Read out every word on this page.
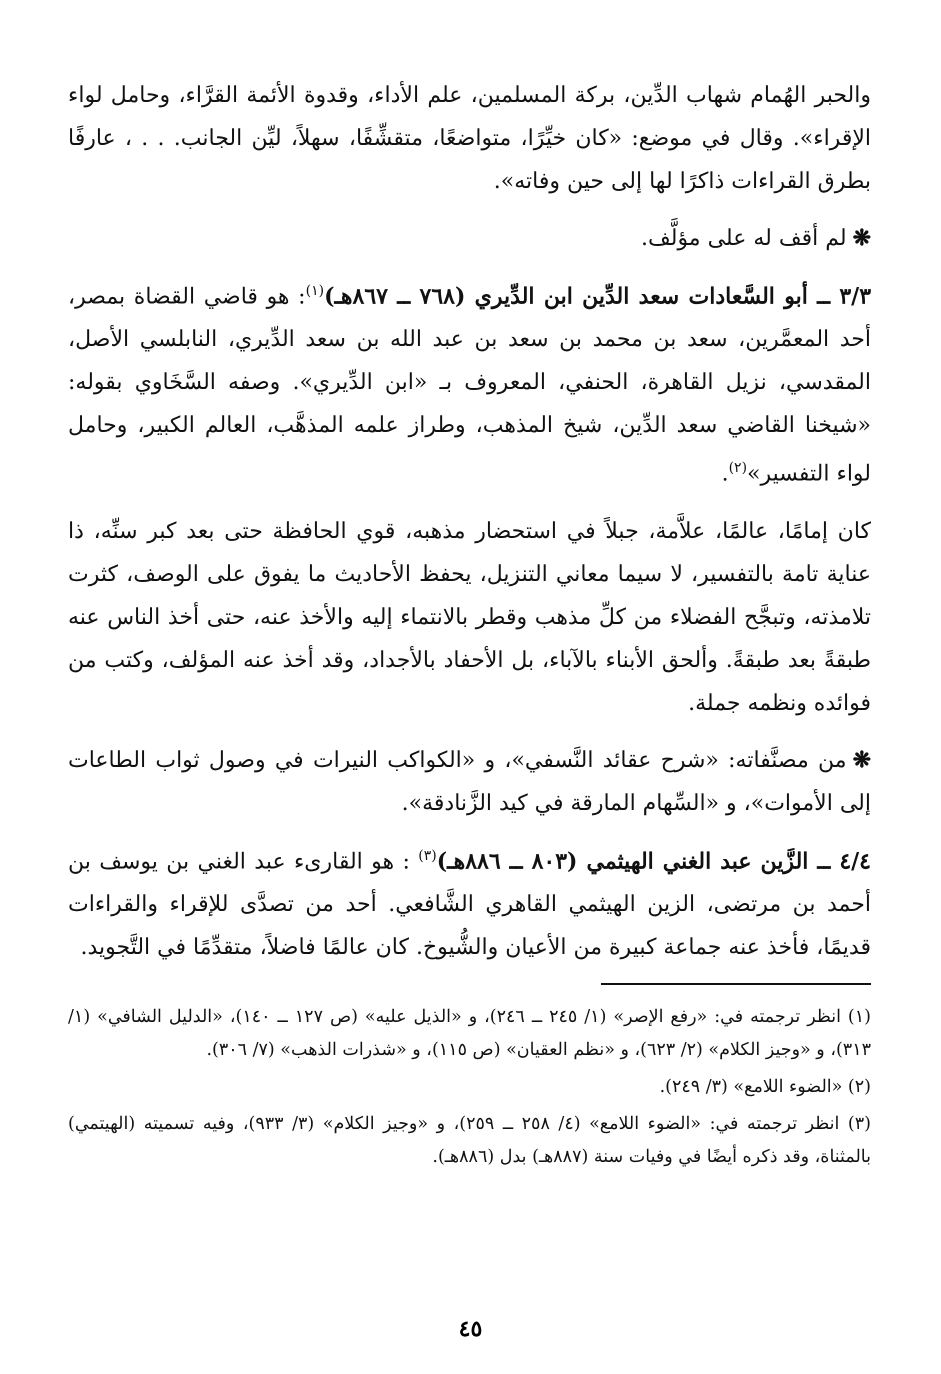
والحبر الهُمام شهاب الدِّين، بركة المسلمين، علم الأداء، وقدوة الأئمة القرَّاء، وحامل لواء الإقراء». وقال في موضع: «كان خيِّرًا، متواضعًا، متقشِّفًا، سهلاً، ليِّن الجانب. . . ، عارفًا بطرق القراءات ذاكرًا لها إلى حين وفاته».

❋لم أقف له على مؤلَّف.

٣/٣ ــ أبو السَّعادات سعد الدِّين ابن الدِّيري (٧٦٨ ــ ٨٦٧هـ)$^{(١)}$: هو قاضي القضاة بمصر، أحد المعمَّرين، سعد بن محمد بن سعد بن عبد الله بن سعد الدِّيري، النابلسي الأصل، المقدسي، نزيل القاهرة، الحنفي، المعروف بـ «ابن الدِّيري». وصفه السَّخَاوي بقوله: «شيخنا القاضي سعد الدِّين، شيخ المذهب، وطراز علمه المذهَّب، العالم الكبير، وحامل لواء التفسير»$^{(٢)}$.

كان إمامًا، عالمًا، علاَّمة، جبلاً في استحضار مذهبه، قوي الحافظة حتى بعد كبر سنِّه، ذا عناية تامة بالتفسير، لا سيما معاني التنزيل، يحفظ الأحاديث ما يفوق على الوصف، كثرت تلامذته، وتبجَّح الفضلاء من كلِّ مذهب وقطر بالانتماء إليه والأخذ عنه، حتى أخذ الناس عنه طبقةً بعد طبقةً. وألحق الأبناء بالآباء، بل الأحفاد بالأجداد، وقد أخذ عنه المؤلف، وكتب من فوائده ونظمه جملة.

❋من مصنَّفاته: «شرح عقائد النَّسفي»، و «الكواكب النيرات في وصول ثواب الطاعات إلى الأموات»، و «السِّهام المارقة في كيد الزَّنادقة».

٤/٤ ــ الزَّين عبد الغني الهيثمي (٨٠٣ ــ ٨٨٦هـ)$^{(٣)}$ : هو القارىء عبد الغني بن يوسف بن أحمد بن مرتضى، الزين الهيثمي القاهري الشَّافعي. أحد من تصدَّى للإقراء والقراءات قديمًا، فأخذ عنه جماعة كبيرة من الأعيان والشُّيوخ. كان عالمًا فاضلاً، متقدِّمًا في التَّجويد.

(١) انظر ترجمته في: «رفع الإصر» (١/ ٢٤٥ ــ ٢٤٦)، و «الذيل عليه» (ص ١٢٧ ــ ١٤٠)، «الدليل الشافي» (١/ ٣١٣)، و «وجيز الكلام» (٢/ ٦٢٣)، و «نظم العقيان» (ص ١١٥)، و «شذرات الذهب» (٧/ ٣٠٦).

(٢) «الضوء اللامع» (٣/ ٢٤٩).

(٣) انظر ترجمته في: «الضوء اللامع» (٤/ ٢٥٨ ــ ٢٥٩)، و «وجيز الكلام» (٣/ ٩٣٣)، وفيه تسميته (الهيتمي) بالمثناة، وقد ذكره أيضًا في وفيات سنة (٨٨٧هـ) بدل (٨٨٦هـ).

٤٥
